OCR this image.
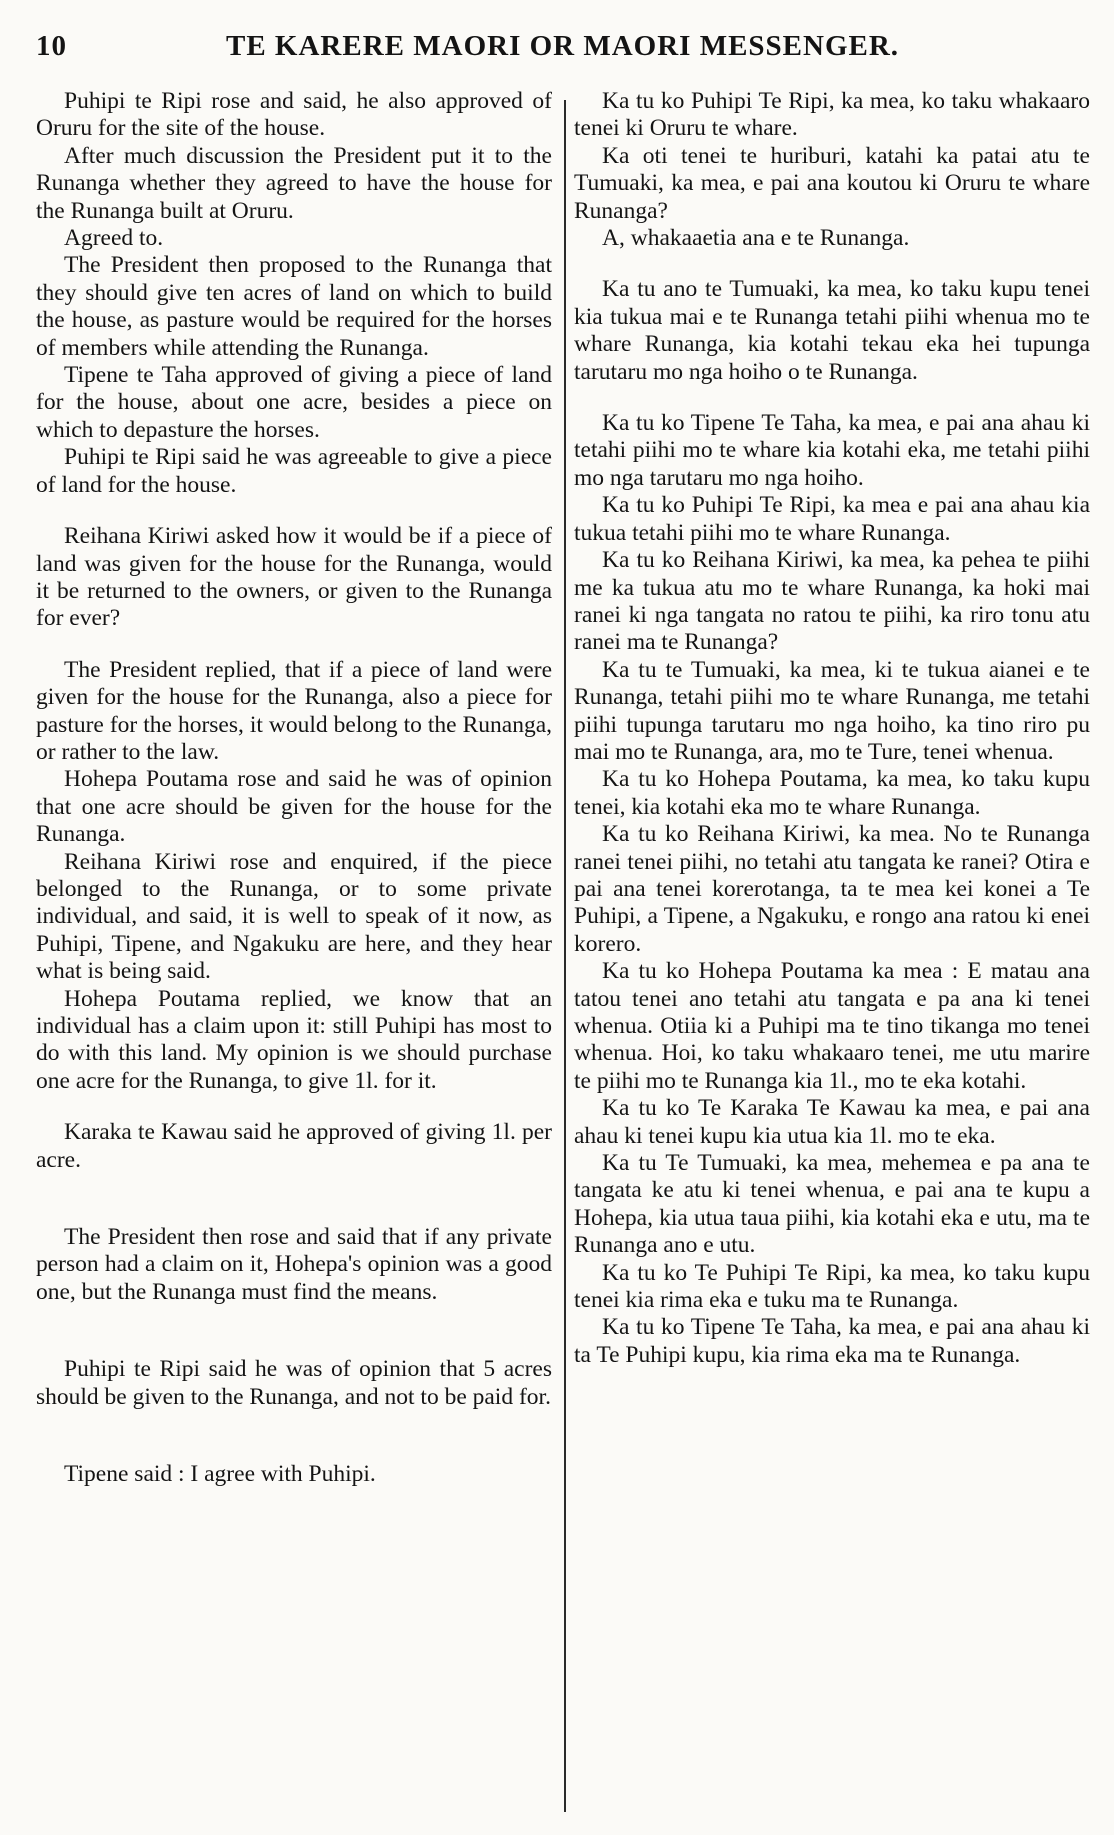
10	TE KARERE MAORI OR MAORI MESSENGER.

Puhipi te Ripi rose and said, he also approved of Oruru for the site of the house.

After much discussion the President put it to the Runanga whether they agreed to have the house for the Runanga built at Oruru.

Agreed to.

The President then proposed to the Runanga that they should give ten acres of land on which to build the house, as pasture would be required for the horses of members while attending the Runanga.

Tipene te Taha approved of giving a piece of land for the house, about one acre, besides a piece on which to depasture the horses.

Puhipi te Ripi said he was agreeable to give a piece of land for the house.

Reihana Kiriwi asked how it would be if a piece of land was given for the house for the Runanga, would it be returned to the owners, or given to the Runanga for ever?

The President replied, that if a piece of land were given for the house for the Runanga, also a piece for pasture for the horses, it would belong to the Runanga, or rather to the law.

Hohepa Poutama rose and said he was of opinion that one acre should be given for the house for the Runanga.

Reihana Kiriwi rose and enquired, if the piece belonged to the Runanga, or to some private individual, and said, it is well to speak of it now, as Puhipi, Tipene, and Ngakuku are here, and they hear what is being said.

Hohepa Poutama replied, we know that an individual has a claim upon it: still Puhipi has most to do with this land. My opinion is we should purchase one acre for the Runanga, to give 1l. for it.

Karaka te Kawau said he approved of giving 1l. per acre.

The President then rose and said that if any private person had a claim on it, Hohepa's opinion was a good one, but the Runanga must find the means.

Puhipi te Ripi said he was of opinion that 5 acres should be given to the Runanga, and not to be paid for.

Tipene said : I agree with Puhipi.

Ka tu ko Puhipi Te Ripi, ka mea, ko taku whakaaro tenei ki Oruru te whare.

Ka oti tenei te huriburi, katahi ka patai atu te Tumuaki, ka mea, e pai ana koutou ki Oruru te whare Runanga?

A, whakaaetia ana e te Runanga.

Ka tu ano te Tumuaki, ka mea, ko taku kupu tenei kia tukua mai e te Runanga tetahi piihi whenua mo te whare Runanga, kia kotahi tekau eka hei tupunga tarutaru mo nga hoiho o te Runanga.

Ka tu ko Tipene Te Taha, ka mea, e pai ana ahau ki tetahi piihi mo te whare kia kotahi eka, me tetahi piihi mo nga tarutaru mo nga hoiho.

Ka tu ko Puhipi Te Ripi, ka mea e pai ana ahau kia tukua tetahi piihi mo te whare Runanga.

Ka tu ko Reihana Kiriwi, ka mea, ka pehea te piihi me ka tukua atu mo te whare Runanga, ka hoki mai ranei ki nga tangata no ratou te piihi, ka riro tonu atu ranei ma te Runanga?

Ka tu te Tumuaki, ka mea, ki te tukua aianei e te Runanga, tetahi piihi mo te whare Runanga, me tetahi piihi tupunga tarutaru mo nga hoiho, ka tino riro pu mai mo te Runanga, ara, mo te Ture, tenei whenua.

Ka tu ko Hohepa Poutama, ka mea, ko taku kupu tenei, kia kotahi eka mo te whare Runanga.

Ka tu ko Reihana Kiriwi, ka mea. No te Runanga ranei tenei piihi, no tetahi atu tangata ke ranei? Otira e pai ana tenei korerotanga, ta te mea kei konei a Te Puhipi, a Tipene, a Ngakuku, e rongo ana ratou ki enei korero.

Ka tu ko Hohepa Poutama ka mea : E matau ana tatou tenei ano tetahi atu tangata e pa ana ki tenei whenua. Otiia ki a Puhipi ma te tino tikanga mo tenei whenua. Hoi, ko taku whakaaro tenei, me utu marire te piihi mo te Runanga kia 1l., mo te eka kotahi.

Ka tu ko Te Karaka Te Kawau ka mea, e pai ana ahau ki tenei kupu kia utua kia 1l. mo te eka.

Ka tu Te Tumuaki, ka mea, mehemea e pa ana te tangata ke atu ki tenei whenua, e pai ana te kupu a Hohepa, kia utua taua piihi, kia kotahi eka e utu, ma te Runanga ano e utu.

Ka tu ko Te Puhipi Te Ripi, ka mea, ko taku kupu tenei kia rima eka e tuku ma te Runanga.

Ka tu ko Tipene Te Taha, ka mea, e pai ana ahau ki ta Te Puhipi kupu, kia rima eka ma te Runanga.
